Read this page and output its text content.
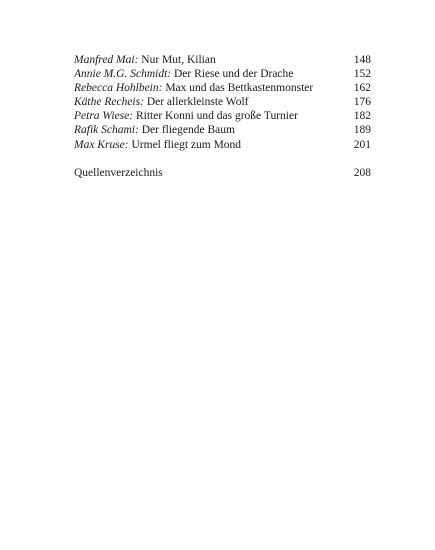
Manfred Mai: Nur Mut, Kilian	148
Annie M.G. Schmidt: Der Riese und der Drache	152
Rebecca Hohlbein: Max und das Bettkastenmonster	162
Käthe Recheis: Der allerkleinste Wolf	176
Petra Wiese: Ritter Konni und das große Turnier	182
Rafik Schami: Der fliegende Baum	189
Max Kruse: Urmel fliegt zum Mond	201
Quellenverzeichnis	208
